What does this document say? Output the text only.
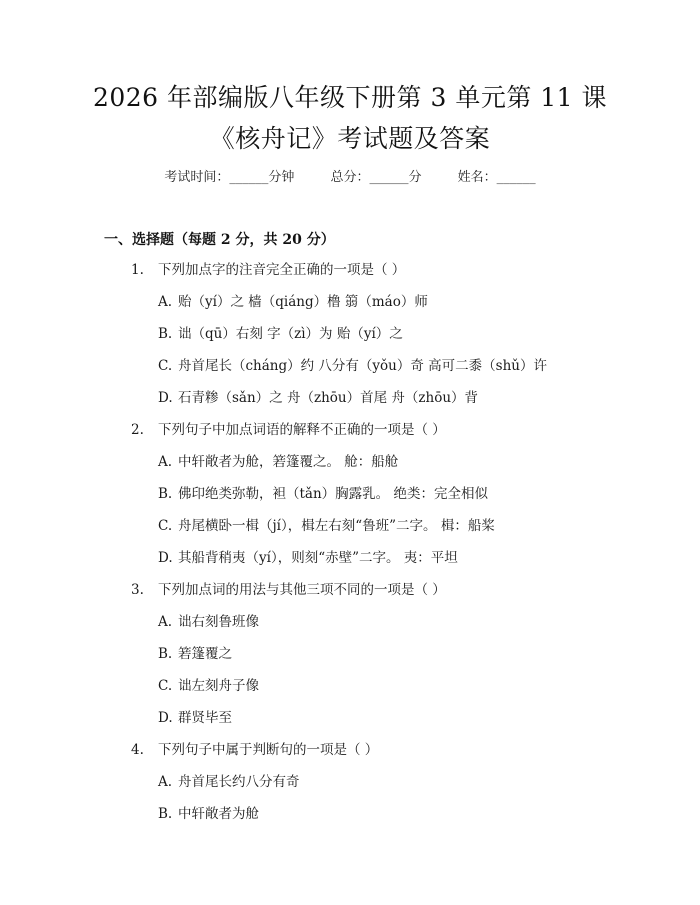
2026 年部编版八年级下册第 3 单元第 11 课
《核舟记》考试题及答案
考试时间：______分钟	总分：______分	姓名：______
一、选择题（每题 2 分，共 20 分）
1. 下列加点字的注音完全正确的一项是（ ）
A. 贻（yí）之 樯（qiáng）橹 篛（máo）师
B. 诎（qū）右刻 字（zì）为 贻（yí）之
C. 舟首尾长（cháng）约 八分有（yǒu）奇 高可二黍（shǔ）许
D. 石青糁（sǎn）之 舟（zhōu）首尾 舟（zhōu）背
2. 下列句子中加点词语的解释不正确的一项是（ ）
A. 中轩敞者为舱，箬篷覆之。 舱：船舱
B. 佛印绝类弥勒，袒（tǎn）胸露乳。 绝类：完全相似
C. 舟尾横卧一楫（jí），楫左右刻“鲁班”二字。 楫：船桨
D. 其船背稍夷（yí），则刻“赤壁”二字。 夷：平坦
3. 下列加点词的用法与其他三项不同的一项是（ ）
A. 诎右刻鲁班像
B. 箬篷覆之
C. 诎左刻舟子像
D. 群贤毕至
4. 下列句子中属于判断句的一项是（ ）
A. 舟首尾长约八分有奇
B. 中轩敞者为舱
